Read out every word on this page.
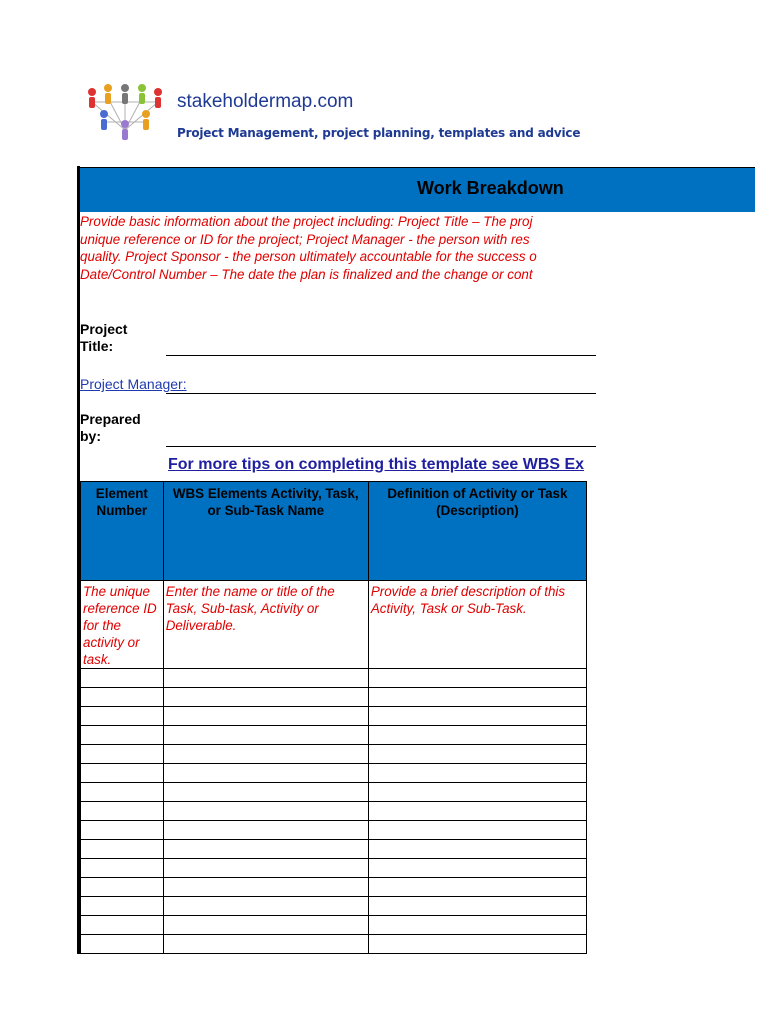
stakeholdermap.com
Project Management, project planning, templates and advice
Work Breakdown
Provide basic information about the project including: Project Title – The proj
unique reference or ID for the project; Project Manager - the person with res
quality. Project Sponsor - the person ultimately accountable for the success o
Date/Control Number – The date the plan is finalized and the change or cont
Project Title:
Project Manager:
Prepared by:
For more tips on completing this template see WBS Ex
Element Number	WBS Elements Activity, Task, or Sub-Task Name	Definition of Activity or Task (Description)
The unique reference ID for the activity or task.	Enter the name or title of the Task, Sub-task, Activity or Deliverable.	Provide a brief description of this Activity, Task or Sub-Task.
